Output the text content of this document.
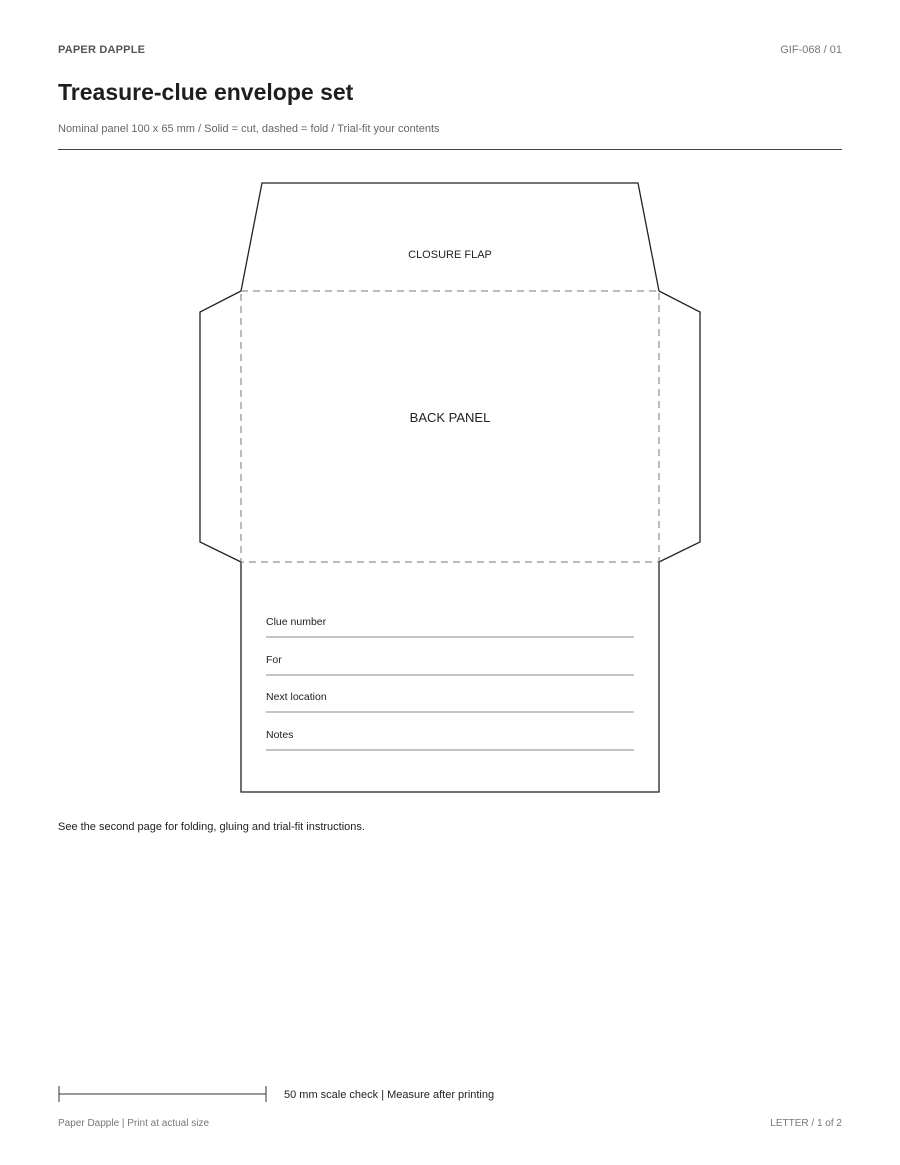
PAPER DAPPLE	GIF-068 / 01
Treasure-clue envelope set
Nominal panel 100 x 65 mm / Solid = cut, dashed = fold / Trial-fit your contents
CLOSURE FLAP
BACK PANEL
Clue number
For
Next location
Notes
See the second page for folding, gluing and trial-fit instructions.
50 mm scale check | Measure after printing
Paper Dapple | Print at actual size	LETTER / 1 of 2
